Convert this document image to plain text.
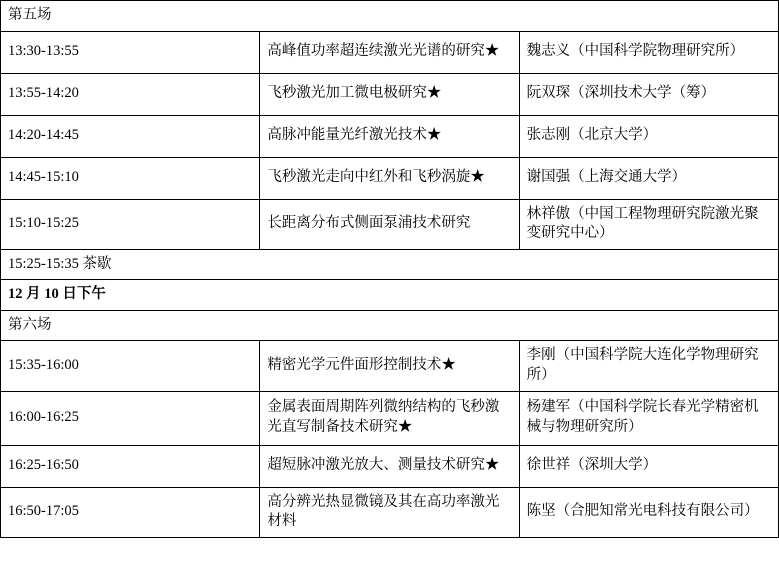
第五场		
13:30-13:55	高峰值功率超连续激光光谱的研究★	魏志义（中国科学院物理研究所）
13:55-14:20	飞秒激光加工微电极研究★	阮双琛（深圳技术大学（筹）
14:20-14:45	高脉冲能量光纤激光技术★	张志刚（北京大学）
14:45-15:10	飞秒激光走向中红外和飞秒涡旋★	谢国强（上海交通大学）
15:10-15:25	长距离分布式侧面泵浦技术研究	林祥傲（中国工程物理研究院激光聚变研究中心）
15:25-15:35 茶歇		
12 月 10 日下午		
第六场		
15:35-16:00	精密光学元件面形控制技术★	李刚（中国科学院大连化学物理研究所）
16:00-16:25	金属表面周期阵列微纳结构的飞秒激光直写制备技术研究★	杨建军（中国科学院长春光学精密机械与物理研究所）
16:25-16:50	超短脉冲激光放大、测量技术研究★	徐世祥（深圳大学）
16:50-17:05	高分辨光热显微镜及其在高功率激光材料	陈坚（合肥知常光电科技有限公司）
